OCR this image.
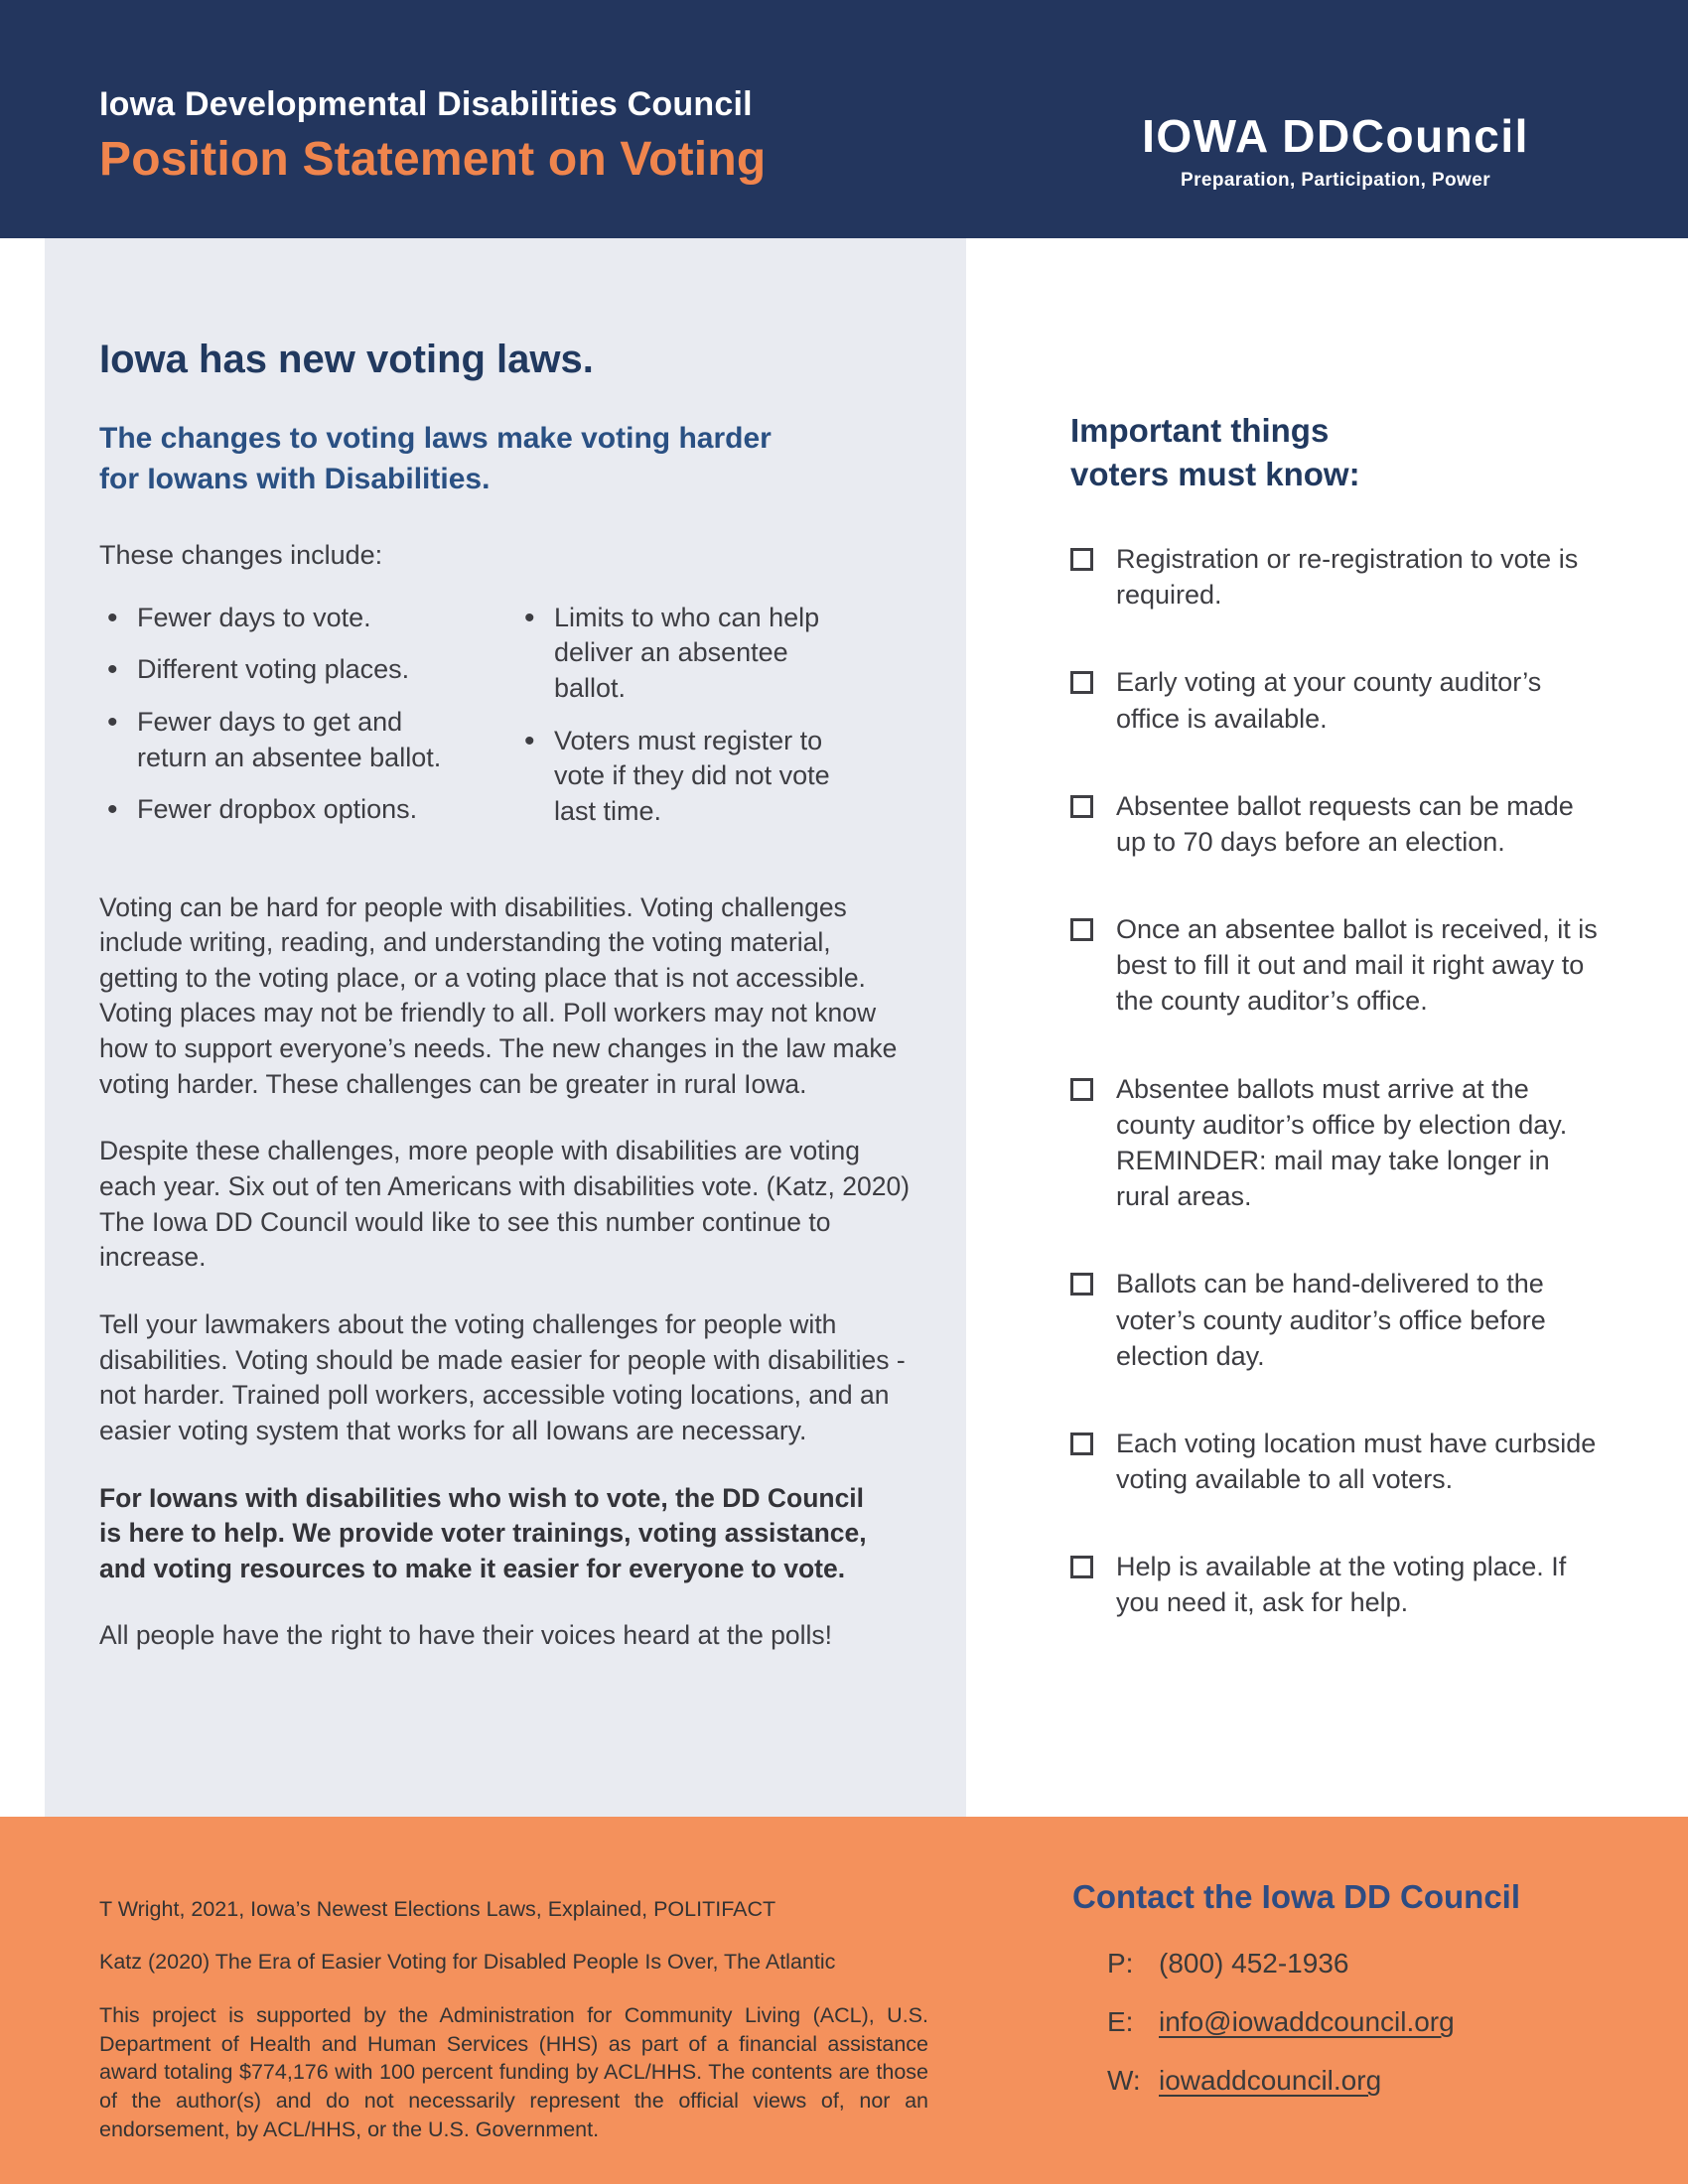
Iowa Developmental Disabilities Council
Position Statement on Voting	IOWA DDCouncil
Preparation, Participation, Power
Iowa has new voting laws.
The changes to voting laws make voting harder for Iowans with Disabilities.
These changes include:
• Fewer days to vote.
• Different voting places.
• Fewer days to get and return an absentee ballot.
• Fewer dropbox options.
• Limits to who can help deliver an absentee ballot.
• Voters must register to vote if they did not vote last time.

Voting can be hard for people with disabilities. Voting challenges include writing, reading, and understanding the voting material, getting to the voting place, or a voting place that is not accessible. Voting places may not be friendly to all. Poll workers may not know how to support everyone’s needs. The new changes in the law make voting harder. These challenges can be greater in rural Iowa.

Despite these challenges, more people with disabilities are voting each year. Six out of ten Americans with disabilities vote. (Katz, 2020) The Iowa DD Council would like to see this number continue to increase.

Tell your lawmakers about the voting challenges for people with disabilities. Voting should be made easier for people with disabilities - not harder. Trained poll workers, accessible voting locations, and an easier voting system that works for all Iowans are necessary.

For Iowans with disabilities who wish to vote, the DD Council is here to help. We provide voter trainings, voting assistance, and voting resources to make it easier for everyone to vote.

All people have the right to have their voices heard at the polls!

Important things voters must know:
Registration or re-registration to vote is required.
Early voting at your county auditor’s office is available.
Absentee ballot requests can be made up to 70 days before an election.
Once an absentee ballot is received, it is best to fill it out and mail it right away to the county auditor’s office.
Absentee ballots must arrive at the county auditor’s office by election day. REMINDER: mail may take longer in rural areas.
Ballots can be hand-delivered to the voter’s county auditor’s office before election day.
Each voting location must have curbside voting available to all voters.
Help is available at the voting place. If you need it, ask for help.
T Wright, 2021, Iowa’s Newest Elections Laws, Explained, POLITIFACT
Katz (2020) The Era of Easier Voting for Disabled People Is Over, The Atlantic
This project is supported by the Administration for Community Living (ACL), U.S. Department of Health and Human Services (HHS) as part of a financial assistance award totaling $774,176 with 100 percent funding by ACL/HHS. The contents are those of the author(s) and do not necessarily represent the official views of, nor an endorsement, by ACL/HHS, or the U.S. Government.
Contact the Iowa DD Council
P: (800) 452-1936
E: info@iowaddcouncil.org
W: iowaddcouncil.org
